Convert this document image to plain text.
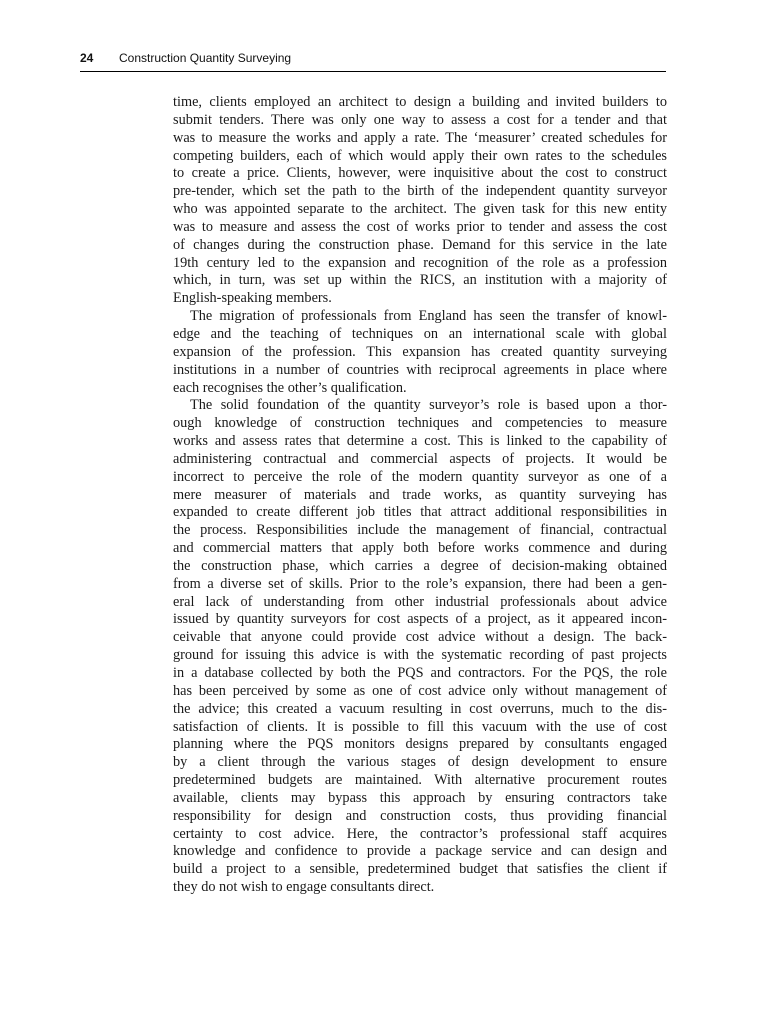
24 Construction Quantity Surveying
time, clients employed an architect to design a building and invited builders to
submit tenders. There was only one way to assess a cost for a tender and that
was to measure the works and apply a rate. The ‘measurer’ created schedules for
competing builders, each of which would apply their own rates to the schedules
to create a price. Clients, however, were inquisitive about the cost to construct
pre-tender, which set the path to the birth of the independent quantity surveyor
who was appointed separate to the architect. The given task for this new entity
was to measure and assess the cost of works prior to tender and assess the cost
of changes during the construction phase. Demand for this service in the late
19th century led to the expansion and recognition of the role as a profession
which, in turn, was set up within the RICS, an institution with a majority of
English-speaking members.
The migration of professionals from England has seen the transfer of knowl-
edge and the teaching of techniques on an international scale with global
expansion of the profession. This expansion has created quantity surveying
institutions in a number of countries with reciprocal agreements in place where
each recognises the other’s qualification.
The solid foundation of the quantity surveyor’s role is based upon a thor-
ough knowledge of construction techniques and competencies to measure
works and assess rates that determine a cost. This is linked to the capability of
administering contractual and commercial aspects of projects. It would be
incorrect to perceive the role of the modern quantity surveyor as one of a
mere measurer of materials and trade works, as quantity surveying has
expanded to create different job titles that attract additional responsibilities in
the process. Responsibilities include the management of financial, contractual
and commercial matters that apply both before works commence and during
the construction phase, which carries a degree of decision-making obtained
from a diverse set of skills. Prior to the role’s expansion, there had been a gen-
eral lack of understanding from other industrial professionals about advice
issued by quantity surveyors for cost aspects of a project, as it appeared incon-
ceivable that anyone could provide cost advice without a design. The back-
ground for issuing this advice is with the systematic recording of past projects
in a database collected by both the PQS and contractors. For the PQS, the role
has been perceived by some as one of cost advice only without management of
the advice; this created a vacuum resulting in cost overruns, much to the dis-
satisfaction of clients. It is possible to fill this vacuum with the use of cost
planning where the PQS monitors designs prepared by consultants engaged
by a client through the various stages of design development to ensure
predetermined budgets are maintained. With alternative procurement routes
available, clients may bypass this approach by ensuring contractors take
responsibility for design and construction costs, thus providing financial
certainty to cost advice. Here, the contractor’s professional staff acquires
knowledge and confidence to provide a package service and can design and
build a project to a sensible, predetermined budget that satisfies the client if
they do not wish to engage consultants direct.
